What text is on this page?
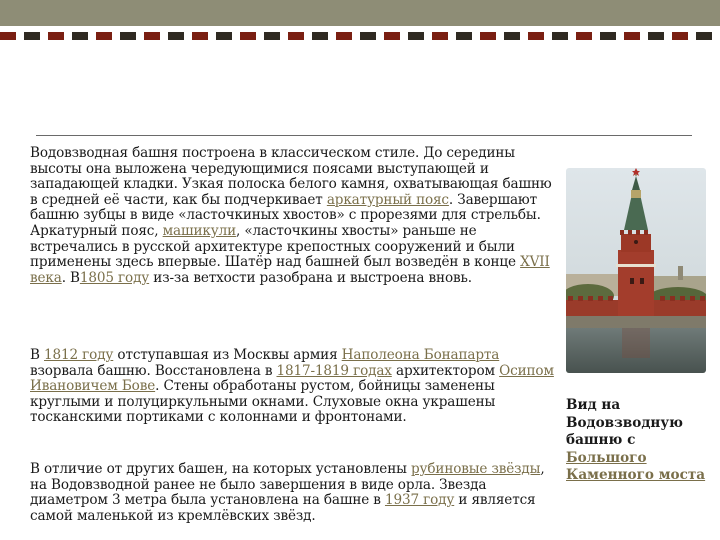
Водовзводная башня построена в классическом стиле. До середины высоты она выложена чередующимися поясами выступающей и западающей кладки. Узкая полоска белого камня, охватывающая башню в средней её части, как бы подчеркивает аркатурный пояс. Завершают башню зубцы в виде «ласточкиных хвостов» с прорезями для стрельбы. Аркатурный пояс, машикули, «ласточкины хвосты» раньше не встречались в русской архитектуре крепостных сооружений и были применены здесь впервые. Шатёр над башней был возведён в конце XVII века. В1805 году из-за ветхости разобрана и выстроена вновь.

В 1812 году отступавшая из Москвы армия Наполеона Бонапарта взорвала башню. Восстановлена в 1817-1819 годах архитектором Осипом Ивановичем Бове. Стены обработаны рустом, бойницы заменены круглыми и полуциркульными окнами. Слуховые окна украшены тосканскими портиками с колоннами и фронтонами.

В отличие от других башен, на которых установлены рубиновые звёзды, на Водовзводной ранее не было завершения в виде орла. Звезда диаметром 3 метра была установлена на башне в 1937 году и является самой маленькой из кремлёвских звёзд.

Вид на Водовзводную башню с Большого Каменного моста
